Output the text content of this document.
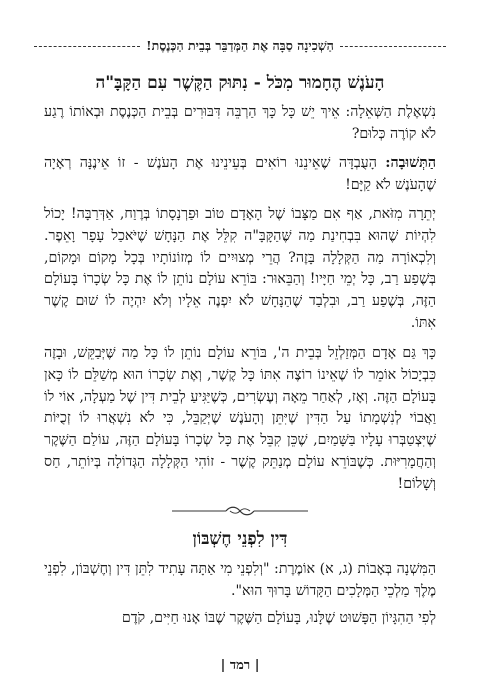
הַשְׁכִינָה סַבָּה אֶת הַמְּדַבֵּר בְּבֵית הַכְּנֶסֶת!
הָעֹנֶשׁ הֶחָמוּר מִכֹּל - נִתּוּק הַקֶּשֶׁר עִם הַקָּבָּ"ה

נִשְׁאֶלֶת הַשְּׁאֵלָה: אֵיךְ יֵשׁ כָּל כָּךְ הַרְבֵּה דִּבּוּרִים בְּבֵית הַכְּנֶסֶת וּבְאוֹתוֹ רֶגַע לֹא קוֹרֶה כְּלוּם?

הַתְּשׁוּבָה: הָעֻבְדָּה שֶׁאֵינֵנוּ רוֹאִים בְּעֵינֵינוּ אֶת הָעֹנֶשׁ - זוֹ אֵינֶנָּה רְאָיָה שֶׁהָעֹנֶשׁ לֹא קַיָּם!

יְתֵרָה מִזֹּאת, אַף אִם מַצָּבוֹ שֶׁל הָאָדָם טוֹב וּפַרְנָסָתוֹ בְּרֶוַח, אַדְּרַבָּה! יָכוֹל לִהְיוֹת שֶׁהוּא בִּבְחִינַת מַה שֶּׁהַקָּבָּ"ה קִלֵּל אֶת הַנָּחָשׁ שֶׁיֹּאכַל עָפָר וָאֵפֶר. וְלִכְאוֹרָה מַה הַקְּלָלָה בָּזֶה? הֲרֵי מְצוּיִים לוֹ מְזוֹנוֹתָיו בְּכָל מָקוֹם וּמָקוֹם, בְּשֶׁפַע רַב, כָּל יְמֵי חַיָּיו! וְהַבֵּאוּר: בּוֹרֵא עוֹלָם נוֹתֵן לוֹ אֶת כָּל שְׂכָרוֹ בָּעוֹלָם הַזֶּה, בְּשֶׁפַע רַב, וּבִלְבַד שֶׁהַנָּחָשׁ לֹא יִפְנֶה אֵלָיו וְלֹא יִהְיֶה לוֹ שׁוּם קֶשֶׁר אִתּוֹ.

כָּךְ גַּם אָדָם הַמְּזַלְזֵל בְּבֵית ה', בּוֹרֵא עוֹלָם נוֹתֵן לוֹ כָּל מַה שֶּׁיְּבַקֵּשׁ, וּבָזֶה כִּבְיָכוֹל אוֹמֵר לוֹ שֶׁאֵינוֹ רוֹצֶה אִתּוֹ כָּל קֶשֶׁר, וְאֶת שְׂכָרוֹ הוּא מְשַׁלֵּם לוֹ כָּאן בָּעוֹלָם הַזֶּה. וְאָז, לְאַחַר מֵאָה וְעֶשְׂרִים, כְּשֶׁיַּגִּיעַ לְבֵית דִּין שֶׁל מַעְלָה, אוֹי לוֹ וַאֲבוֹי לְנִשְׁמָתוֹ עַל הַדִּין שֶׁיִּתֵּן וְהָעֹנֶשׁ שֶׁיְּקַבֵּל, כִּי לֹא נִשְׁאֲרוּ לוֹ זְכֻיּוֹת שֶׁיִּצְטַבְּרוּ עָלָיו בַּשָּׁמַיִם, שֶׁכֵּן קִבֵּל אֶת כָּל שְׂכָרוֹ בָּעוֹלָם הַזֶּה, עוֹלַם הַשֶּׁקֶר וְהַחֲמָרִיּוּת. כְּשֶׁבּוֹרֵא עוֹלָם מְנַתֵּק קֶשֶׁר - זוֹהִי הַקְּלָלָה הַגְּדוֹלָה בְּיוֹתֵר, חַס וְשָׁלוֹם!

דִּין לִפְנֵי חֶשְׁבּוֹן

הַמִּשְׁנָה בְּאָבוֹת (ג, א) אוֹמֶרֶת: "וְלִפְנֵי מִי אַתָּה עָתִיד לִתֵּן דִּין וְחֶשְׁבּוֹן, לִפְנֵי מֶלֶךְ מַלְכֵי הַמְּלָכִים הַקָּדוֹשׁ בָּרוּךְ הוּא".

לְפִי הַהִגָּיוֹן הַפָּשׁוּט שֶׁלָּנוּ, בָּעוֹלָם הַשֶּׁקֶר שֶׁבּוֹ אָנוּ חַיִּים, קֹדֶם

| רמד |
